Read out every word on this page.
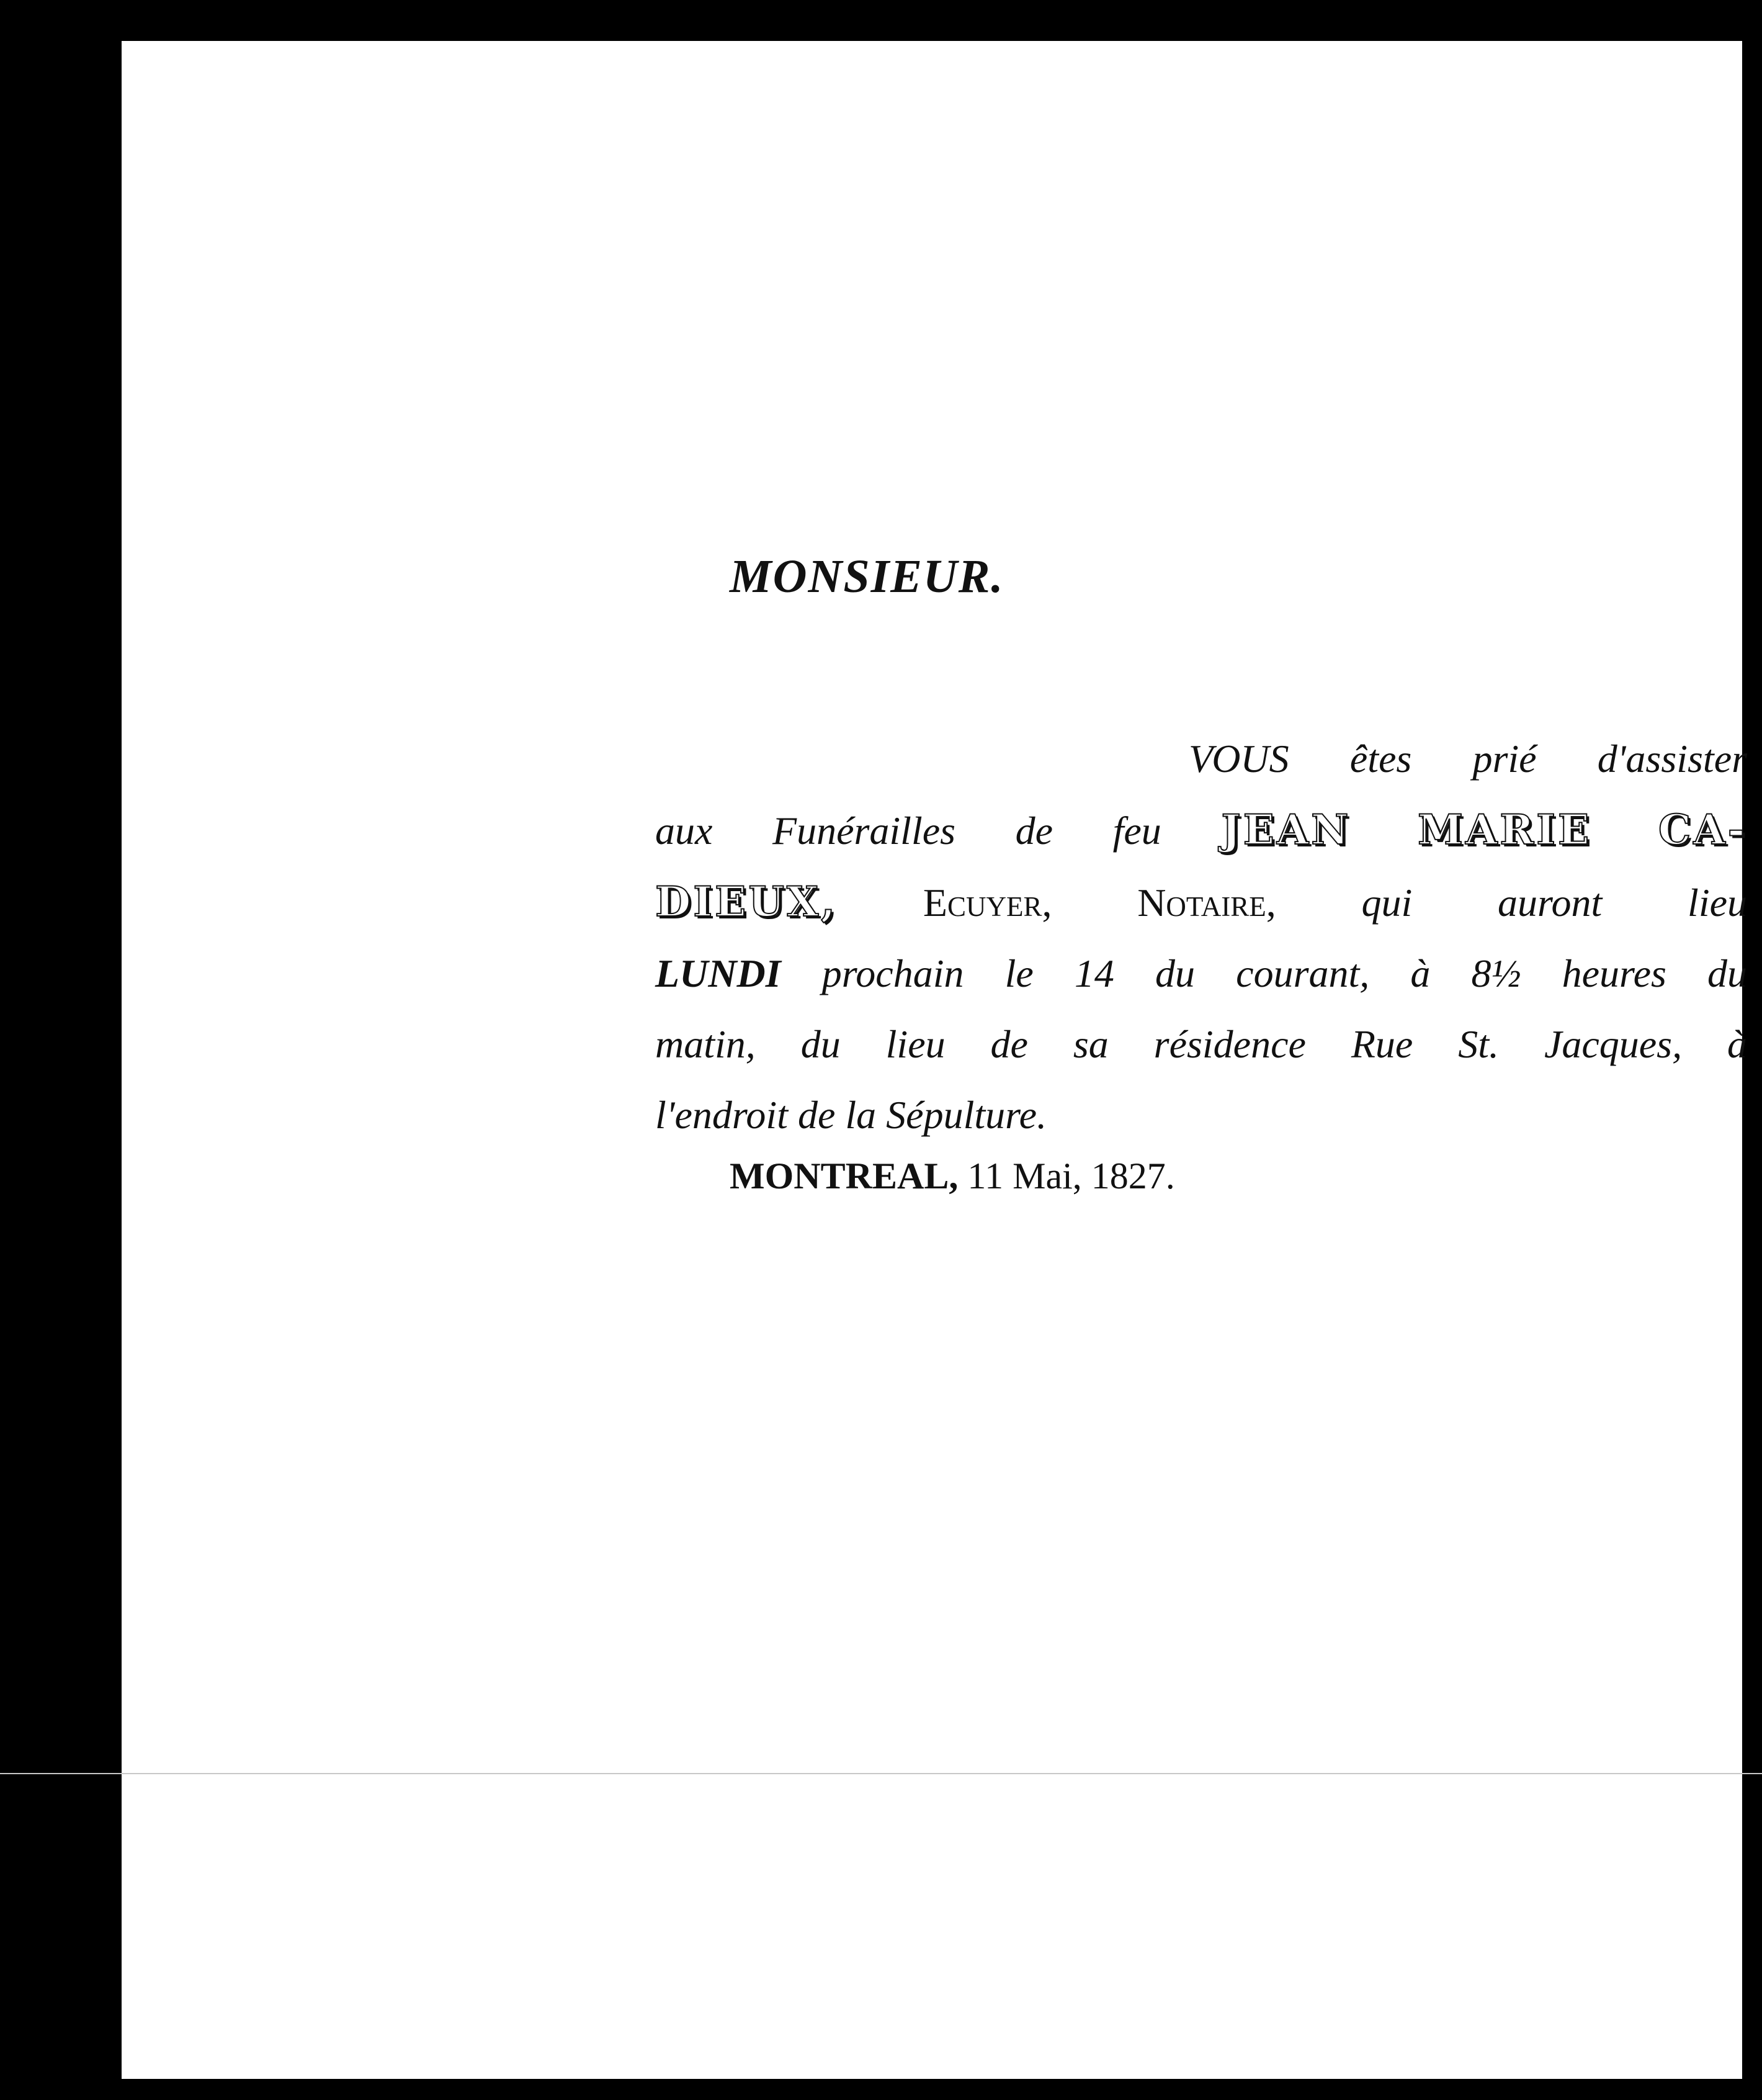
MONSIEUR.
VOUS êtes prié d'assister
aux Funérailles de feu JEAN MARIE CA-
DIEUX, Ecuyer, Notaire, qui auront lieu
LUNDI prochain le 14 du courant, à 8½ heures du
matin, du lieu de sa résidence Rue St. Jacques, à
l'endroit de la Sépulture.
MONTREAL, 11 Mai, 1827.
